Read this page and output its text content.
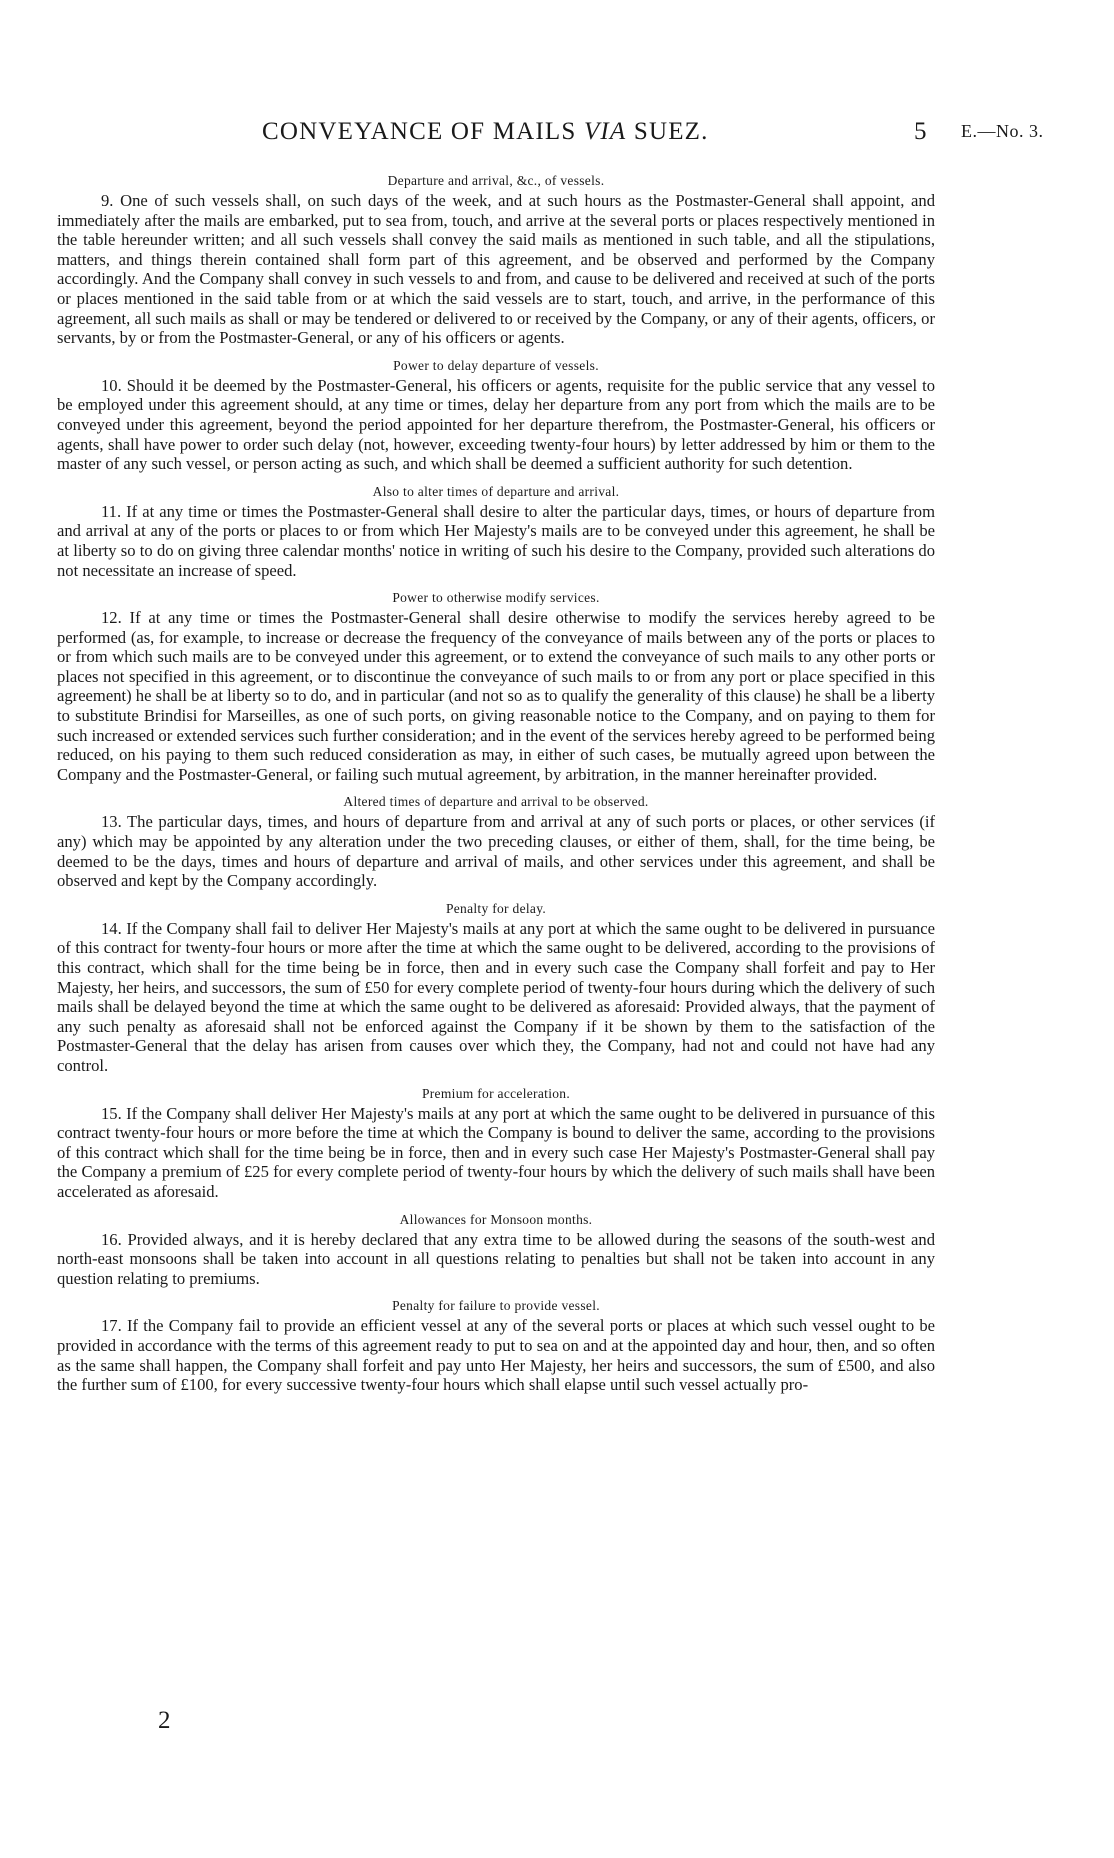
CONVEYANCE OF MAILS VIA SUEZ.	5 E.—No. 3.
Departure and arrival, &c., of vessels.

9. One of such vessels shall, on such days of the week, and at such hours as the Postmaster-General shall appoint, and immediately after the mails are embarked, put to sea from, touch, and arrive at the several ports or places respectively mentioned in the table hereunder written; and all such vessels shall convey the said mails as mentioned in such table, and all the stipulations, matters, and things therein contained shall form part of this agreement, and be observed and performed by the Company accordingly. And the Company shall convey in such vessels to and from, and cause to be delivered and received at such of the ports or places mentioned in the said table from or at which the said vessels are to start, touch, and arrive, in the performance of this agreement, all such mails as shall or may be tendered or delivered to or received by the Company, or any of their agents, officers, or servants, by or from the Postmaster-General, or any of his officers or agents.

Power to delay departure of vessels.

10. Should it be deemed by the Postmaster-General, his officers or agents, requisite for the public service that any vessel to be employed under this agreement should, at any time or times, delay her departure from any port from which the mails are to be conveyed under this agreement, beyond the period appointed for her departure therefrom, the Postmaster-General, his officers or agents, shall have power to order such delay (not, however, exceeding twenty-four hours) by letter addressed by him or them to the master of any such vessel, or person acting as such, and which shall be deemed a sufficient authority for such detention.

Also to alter times of departure and arrival.

11. If at any time or times the Postmaster-General shall desire to alter the particular days, times, or hours of departure from and arrival at any of the ports or places to or from which Her Majesty's mails are to be conveyed under this agreement, he shall be at liberty so to do on giving three calendar months' notice in writing of such his desire to the Company, provided such alterations do not necessitate an increase of speed.

Power to otherwise modify services.

12. If at any time or times the Postmaster-General shall desire otherwise to modify the services hereby agreed to be performed (as, for example, to increase or decrease the frequency of the conveyance of mails between any of the ports or places to or from which such mails are to be conveyed under this agreement, or to extend the conveyance of such mails to any other ports or places not specified in this agreement, or to discontinue the conveyance of such mails to or from any port or place specified in this agreement) he shall be at liberty so to do, and in particular (and not so as to qualify the generality of this clause) he shall be a liberty to substitute Brindisi for Marseilles, as one of such ports, on giving reasonable notice to the Company, and on paying to them for such increased or extended services such further consideration; and in the event of the services hereby agreed to be performed being reduced, on his paying to them such reduced consideration as may, in either of such cases, be mutually agreed upon between the Company and the Postmaster-General, or failing such mutual agreement, by arbitration, in the manner hereinafter provided.

Altered times of departure and arrival to be observed.

13. The particular days, times, and hours of departure from and arrival at any of such ports or places, or other services (if any) which may be appointed by any alteration under the two preceding clauses, or either of them, shall, for the time being, be deemed to be the days, times and hours of departure and arrival of mails, and other services under this agreement, and shall be observed and kept by the Company accordingly.

Penalty for delay.

14. If the Company shall fail to deliver Her Majesty's mails at any port at which the same ought to be delivered in pursuance of this contract for twenty-four hours or more after the time at which the same ought to be delivered, according to the provisions of this contract, which shall for the time being be in force, then and in every such case the Company shall forfeit and pay to Her Majesty, her heirs, and successors, the sum of £50 for every complete period of twenty-four hours during which the delivery of such mails shall be delayed beyond the time at which the same ought to be delivered as aforesaid: Provided always, that the payment of any such penalty as aforesaid shall not be enforced against the Company if it be shown by them to the satisfaction of the Postmaster-General that the delay has arisen from causes over which they, the Company, had not and could not have had any control.

Premium for acceleration.

15. If the Company shall deliver Her Majesty's mails at any port at which the same ought to be delivered in pursuance of this contract twenty-four hours or more before the time at which the Company is bound to deliver the same, according to the provisions of this contract which shall for the time being be in force, then and in every such case Her Majesty's Postmaster-General shall pay the Company a premium of £25 for every complete period of twenty-four hours by which the delivery of such mails shall have been accelerated as aforesaid.

Allowances for Monsoon months.

16. Provided always, and it is hereby declared that any extra time to be allowed during the seasons of the south-west and north-east monsoons shall be taken into account in all questions relating to penalties but shall not be taken into account in any question relating to premiums.

Penalty for failure to provide vessel.

17. If the Company fail to provide an efficient vessel at any of the several ports or places at which such vessel ought to be provided in accordance with the terms of this agreement ready to put to sea on and at the appointed day and hour, then, and so often as the same shall happen, the Company shall forfeit and pay unto Her Majesty, her heirs and successors, the sum of £500, and also the further sum of £100, for every successive twenty-four hours which shall elapse until such vessel actually pro-

2
